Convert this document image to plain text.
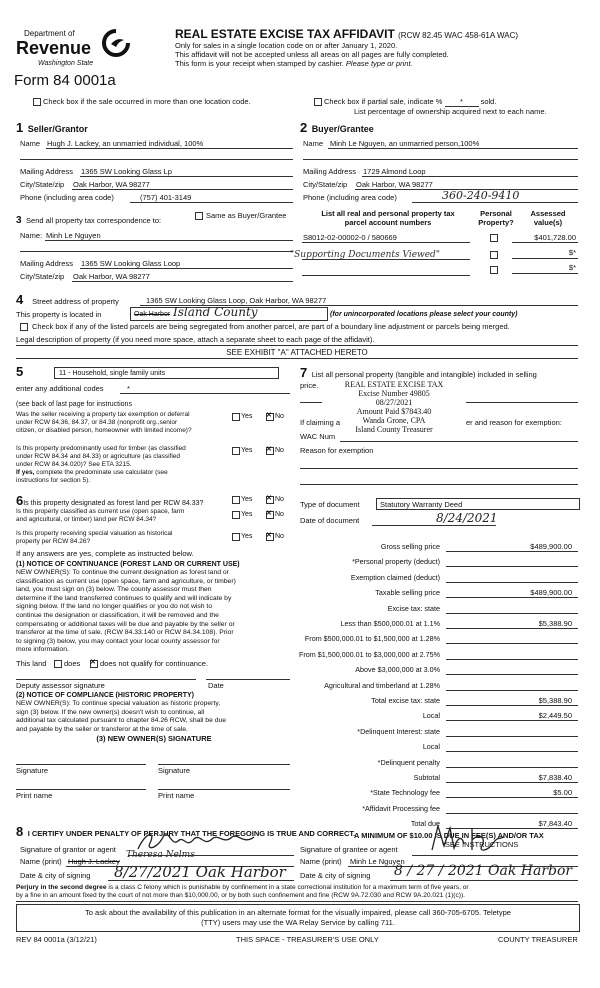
Department of
Revenue
Washington State
Form 84 0001a
REAL ESTATE EXCISE TAX AFFIDAVIT (RCW 82.45 WAC 458-61A WAC)
Only for sales in a single location code on or after January 1, 2020.
This affidavit will not be accepted unless all areas on all pages are fully completed.
This form is your receipt when stamped by cashier. Please type or print.
Check box if the sale occurred in more than one location code.	Check box if partial sale, indicate % * sold.
List percentage of ownership acquired next to each name.
1 Seller/Grantor
Name Hugh J. Lackey, an unmarried individual, 100%
Mailing Address 1365 SW Looking Glass Lp
City/State/zip Oak Harbor, WA 98277
Phone (including area code)	(757) 401-3149
2 Buyer/Grantee
Name Minh Le Nguyen, an unmarried person,100%
Mailing Address 1729 Almond Loop
City/State/zip Oak Harbor, WA 98277
Phone (including area code)	360-240-9410
3 Send all property tax correspondence to:
Same as Buyer/Grantee
Name: Minh Le Nguyen
Mailing Address 1365 SW Looking Glass Loop
City/State/zip Oak Harbor, WA 98277
List all real and personal property tax
parcel account numbers
Personal
Property?
Assessed
value(s)
S8012-02-00002-0 / 580669	$401,728.00
"Supporting Documents Viewed"	$*
$*
4 Street address of property	1365 SW Looking Glass Loop, Oak Harbor, WA 98277
This property is located in	Oak Harbor Island County	(for unincorporated locations please select your county)
Check box if any of the listed parcels are being segregated from another parcel, are part of a boundary line adjustment or parcels being merged.
Legal description of property (if you need more space, attach a separate sheet to each page of the affidavit).
SEE EXHIBIT "A" ATTACHED HERETO
5	11 - Household, single family units
enter any additional codes	*
(see back of last page for instructions
Was the seller receiving a property tax exemption or deferral
under RCW 84.36, 84.37, or 84.38 (nonprofit org.,senior
citizen, or disabled person, homeowner with limited income)?
Yes ✕	No
Is this property predominantly used for timber (as classified
under RCW 84.34 and 84.33) or agriculture (as classified
under RCW 84.34.020)? See ETA 3215.
If yes, complete the predominate use calculator (see
instructions for section 5).
Yes ✕	No
7 List all personal property (tangible and intangible) included in selling
price.	REAL ESTATE EXCISE TAX
Excise Number 49805
08/27/2021
Amount Paid $7843.40
Wanda Grone, CPA
Island County Treasurer
If claiming a	er and reason for exemption:
WAC Num
Reason for exemption
6Is this property designated as forest land per RCW 84.33?
Yes ✕	No
Is this property classified as current use (open space, farm
and agricultural, or timber) land per RCW 84.34?
Yes ✕	No
Is this property receiving special valuation as historical
property per RCW 84.26?
Yes ✕	No
If any answers are yes, complete as instructed below.
(1) NOTICE OF CONTINUANCE (FOREST LAND OR CURRENT USE)
NEW OWNER(S): To continue the current designation as forest land or
classification as current use (open space, farm and agriculture, or timber)
land, you must sign on (3) below. The county assessor must then
determine if the land transferred continues to qualify and will indicate by
signing below. If the land no longer qualifies or you do not wish to
continue the designation or classification, it will be removed and the
compensating or additional taxes will be due and payable by the seller or
transferor at the time of sale. (RCW 84.33.140 or RCW 84.34.108). Prior
to signing (3) below, you may contact your local county assessor for
more information.
This land does ✕	does not qualify for continuance.
Deputy assessor signature	Date
(2) NOTICE OF COMPLIANCE (HISTORIC PROPERTY)
NEW OWNER(S): To continue special valuation as historic property,
sign (3) below. If the new owner(s) doesn't wish to continue, all
additional tax calculated pursuant to chapter 84.26 RCW, shall be due
and payable by the seller or transferor at the time of sale.
(3) NEW OWNER(S) SIGNATURE
Signature	Signature
Print name	Print name
Type of document	Statutory Warranty Deed
Date of document	8/24/2021
Gross selling price	$489,900.00
*Personal property (deduct)
Exemption claimed (deduct)
Taxable selling price	$489,900.00
Excise tax: state
Less than $500,000.01 at 1.1%	$5,388.90
From $500,000.01 to $1,500,000 at 1.28%
From $1,500,000.01 to $3,000,000 at 2.75%
Above $3,000,000 at 3.0%
Agricultural and timberland at 1.28%
Total excise tax: state	$5,388.90
Local	$2,449.50
*Delinquent Interest: state
Local
*Delinquent penalty
Subtotal	$7,838.40
*State Technology fee	$5.00
*Affidavit Processing fee
Total due	$7,843.40
A MINIMUM OF $10.00 IS DUE IN FEE(S) AND/OR TAX
*SEE INSTRUCTIONS
8 I CERTIFY UNDER PENALTY OF PERJURY THAT THE FOREGOING IS TRUE AND CORRECT.
Signature of grantor or agent
Name (print) Hugh J. Lackey
Theresa Nelms
Date & city of signing 8/27/2021 Oak Harbor
Signature of grantee or agent
Name (print) Minh Le Nguyen
Date & city of signing 8 / 27 / 2021 Oak Harbor
Perjury in the second degree is a class C felony which is punishable by confinement in a state correctional institution for a maximum term of five years, or
by a fine in an amount fixed by the court of not more than $10,000.00, or by both such confinement and fine (RCW 9A.72.030 and RCW 9A.20.021 (1)(c)).
To ask about the availability of this publication in an alternate format for the visually impaired, please call 360-705-6705. Teletype
(TTY) users may use the WA Relay Service by calling 711.
REV 84 0001a (3/12/21)	THIS SPACE - TREASURER'S USE ONLY	COUNTY TREASURER
